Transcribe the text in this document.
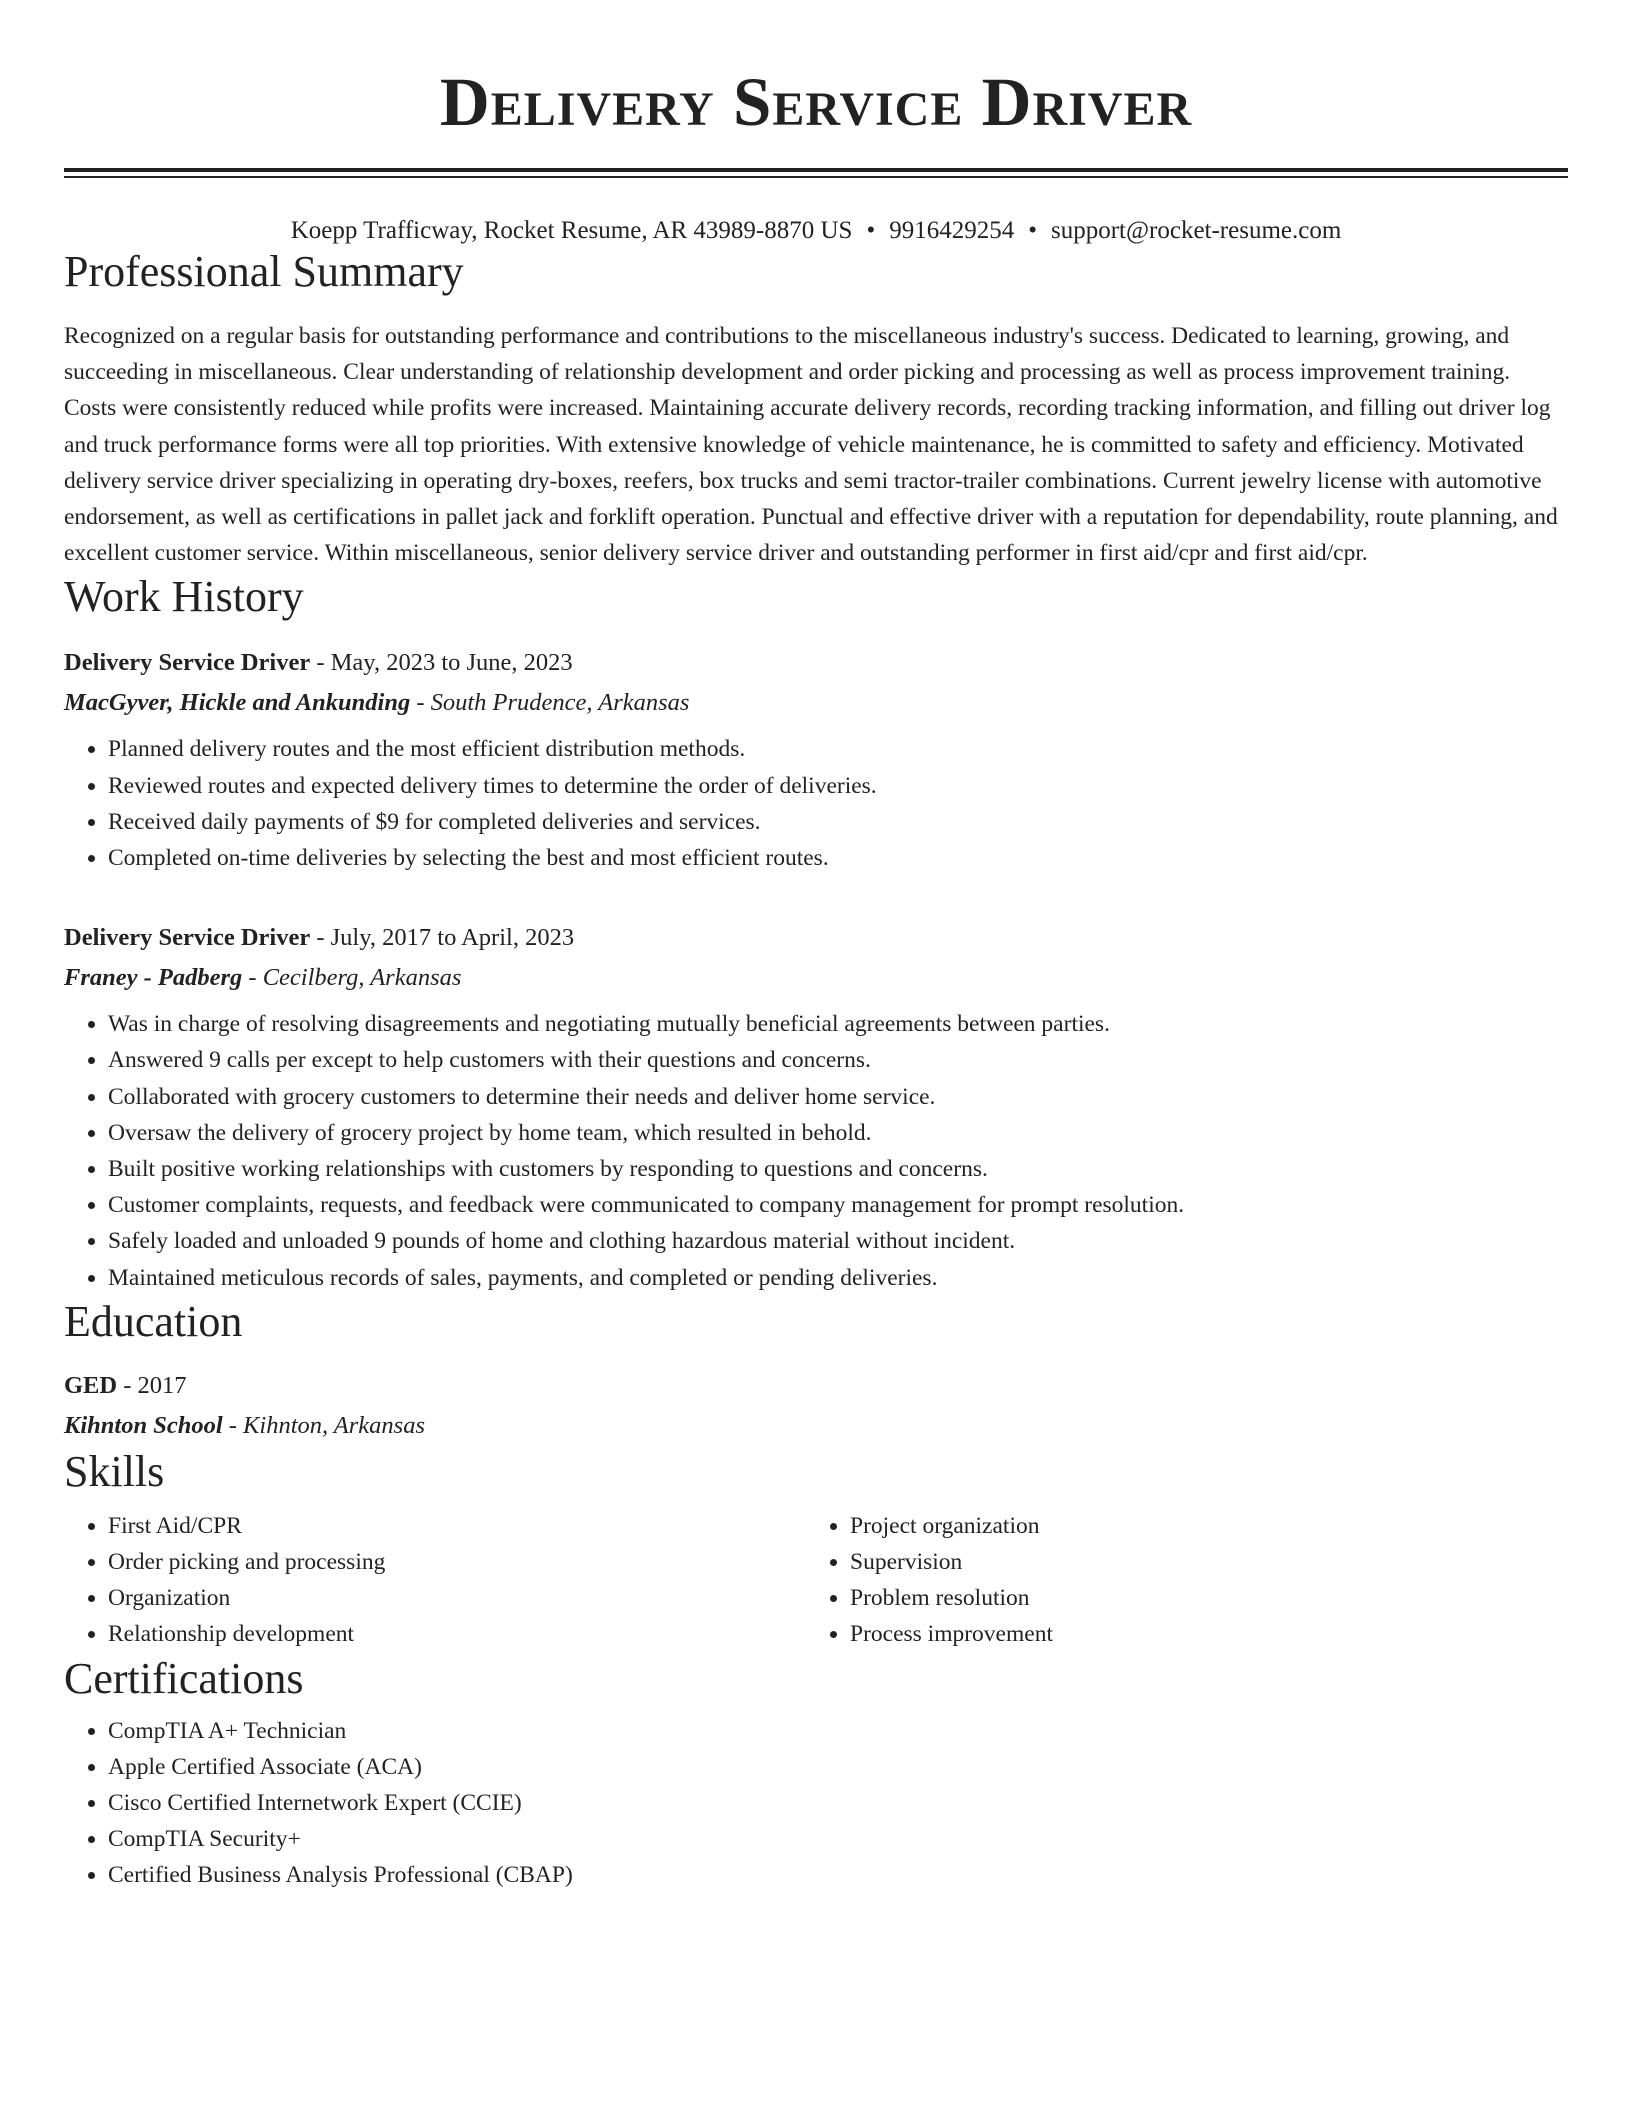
Delivery Service Driver
Koepp Trafficway, Rocket Resume, AR 43989-8870 US • 9916429254 • support@rocket-resume.com
Professional Summary
Recognized on a regular basis for outstanding performance and contributions to the miscellaneous industry's success. Dedicated to learning, growing, and succeeding in miscellaneous. Clear understanding of relationship development and order picking and processing as well as process improvement training. Costs were consistently reduced while profits were increased. Maintaining accurate delivery records, recording tracking information, and filling out driver log and truck performance forms were all top priorities. With extensive knowledge of vehicle maintenance, he is committed to safety and efficiency. Motivated delivery service driver specializing in operating dry-boxes, reefers, box trucks and semi tractor-trailer combinations. Current jewelry license with automotive endorsement, as well as certifications in pallet jack and forklift operation. Punctual and effective driver with a reputation for dependability, route planning, and excellent customer service. Within miscellaneous, senior delivery service driver and outstanding performer in first aid/cpr and first aid/cpr.
Work History
Delivery Service Driver - May, 2023 to June, 2023
MacGyver, Hickle and Ankunding - South Prudence, Arkansas
• Planned delivery routes and the most efficient distribution methods.
• Reviewed routes and expected delivery times to determine the order of deliveries.
• Received daily payments of $9 for completed deliveries and services.
• Completed on-time deliveries by selecting the best and most efficient routes.
Delivery Service Driver - July, 2017 to April, 2023
Franey - Padberg - Cecilberg, Arkansas
• Was in charge of resolving disagreements and negotiating mutually beneficial agreements between parties.
• Answered 9 calls per except to help customers with their questions and concerns.
• Collaborated with grocery customers to determine their needs and deliver home service.
• Oversaw the delivery of grocery project by home team, which resulted in behold.
• Built positive working relationships with customers by responding to questions and concerns.
• Customer complaints, requests, and feedback were communicated to company management for prompt resolution.
• Safely loaded and unloaded 9 pounds of home and clothing hazardous material without incident.
• Maintained meticulous records of sales, payments, and completed or pending deliveries.
Education
GED - 2017
Kihnton School - Kihnton, Arkansas
Skills
• First Aid/CPR
• Order picking and processing
• Organization
• Relationship development
• Project organization
• Supervision
• Problem resolution
• Process improvement
Certifications
• CompTIA A+ Technician
• Apple Certified Associate (ACA)
• Cisco Certified Internetwork Expert (CCIE)
• CompTIA Security+
• Certified Business Analysis Professional (CBAP)
